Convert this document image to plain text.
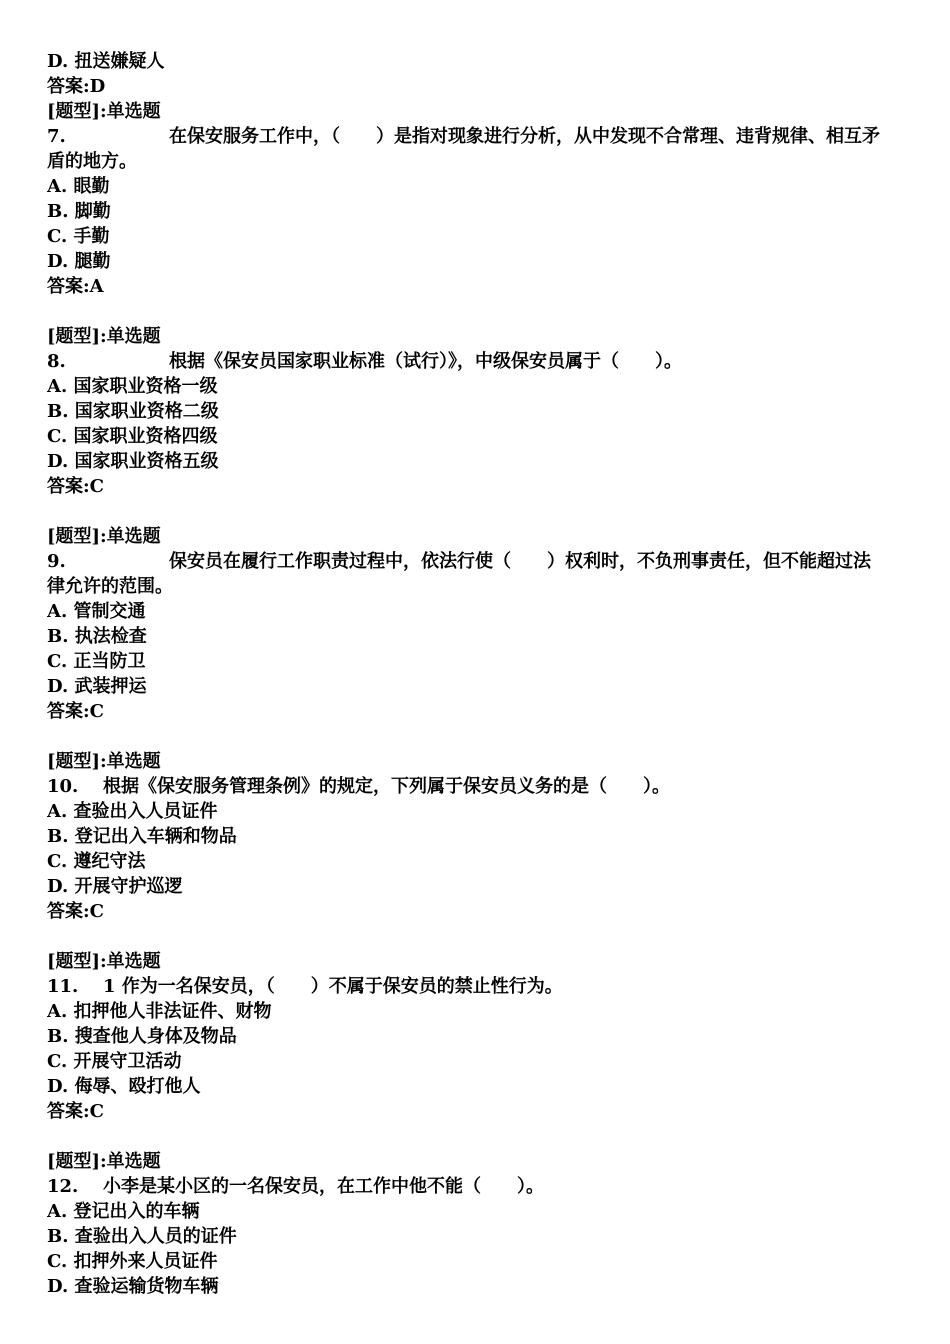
D. 扭送嫌疑人
答案:D
[题型]:单选题
7.	在保安服务工作中，（　　）是指对现象进行分析，从中发现不合常理、违背规律、相互矛
盾的地方。
A. 眼勤
B. 脚勤
C. 手勤
D. 腿勤
答案:A
[题型]:单选题
8.	根据《保安员国家职业标准（试行）》，中级保安员属于（　　）。
A. 国家职业资格一级
B. 国家职业资格二级
C. 国家职业资格四级
D. 国家职业资格五级
答案:C
[题型]:单选题
9.	保安员在履行工作职责过程中，依法行使（　　）权利时，不负刑事责任，但不能超过法
律允许的范围。
A. 管制交通
B. 执法检查
C. 正当防卫
D. 武装押运
答案:C
[题型]:单选题
10. 根据《保安服务管理条例》的规定，下列属于保安员义务的是（　　）。
A. 查验出入人员证件
B. 登记出入车辆和物品
C. 遵纪守法
D. 开展守护巡逻
答案:C
[题型]:单选题
11. 1 作为一名保安员，（　　）不属于保安员的禁止性行为。
A. 扣押他人非法证件、财物
B. 搜查他人身体及物品
C. 开展守卫活动
D. 侮辱、殴打他人
答案:C
[题型]:单选题
12. 小李是某小区的一名保安员，在工作中他不能（　　）。
A. 登记出入的车辆
B. 查验出入人员的证件
C. 扣押外来人员证件
D. 查验运输货物车辆
